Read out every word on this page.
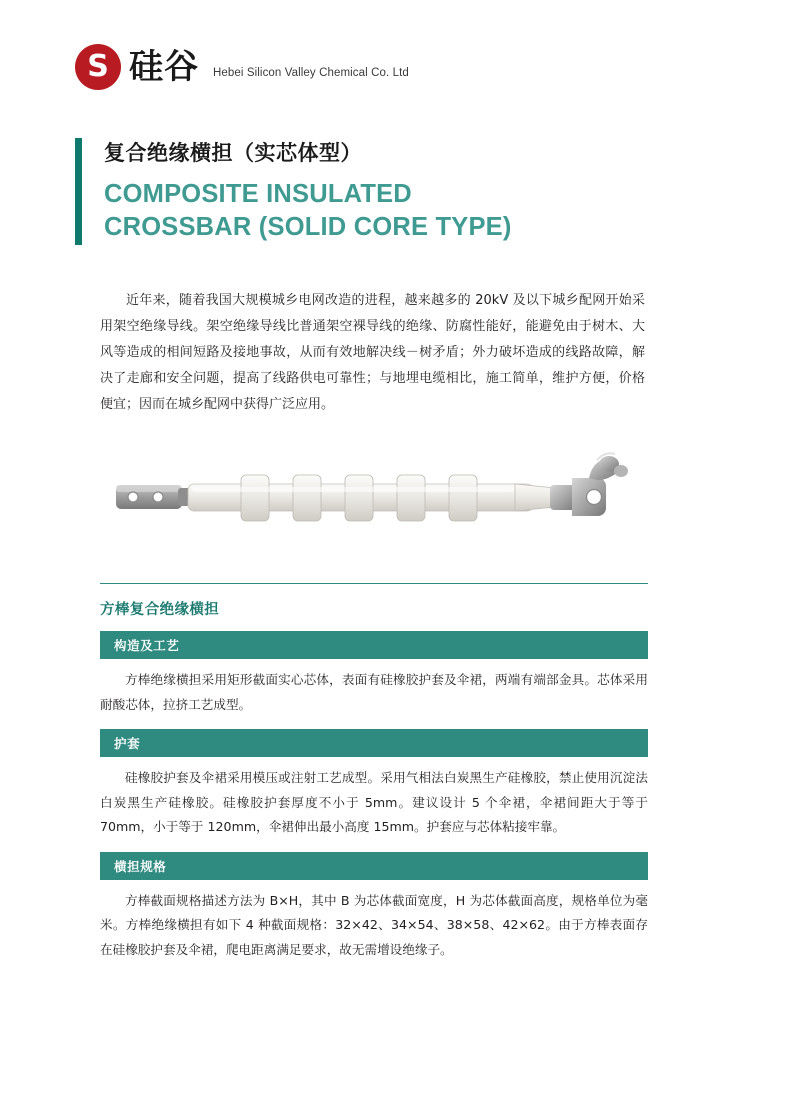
S 硅谷 Hebei Silicon Valley Chemical Co. Ltd
复合绝缘横担（实芯体型）
COMPOSITE INSULATED
CROSSBAR (SOLID CORE TYPE)
近年来，随着我国大规模城乡电网改造的进程，越来越多的 20kV 及以下城乡配网开始采用架空绝缘导线。架空绝缘导线比普通架空裸导线的绝缘、防腐性能好，能避免由于树木、大风等造成的相间短路及接地事故，从而有效地解决线－树矛盾；外力破坏造成的线路故障，解决了走廊和安全问题，提高了线路供电可靠性；与地埋电缆相比，施工简单，维护方便，价格便宜；因而在城乡配网中获得广泛应用。
方棒复合绝缘横担
构造及工艺
方棒绝缘横担采用矩形截面实心芯体，表面有硅橡胶护套及伞裙，两端有端部金具。芯体采用耐酸芯体，拉挤工艺成型。
护套
硅橡胶护套及伞裙采用模压或注射工艺成型。采用气相法白炭黑生产硅橡胶，禁止使用沉淀法白炭黑生产硅橡胶。硅橡胶护套厚度不小于 5mm。建议设计 5 个伞裙，伞裙间距大于等于 70mm，小于等于 120mm，伞裙伸出最小高度 15mm。护套应与芯体粘接牢靠。
横担规格
方棒截面规格描述方法为 B×H，其中 B 为芯体截面宽度，H 为芯体截面高度，规格单位为毫米。方棒绝缘横担有如下 4 种截面规格：32×42、34×54、38×58、42×62。由于方棒表面存在硅橡胶护套及伞裙，爬电距离满足要求，故无需增设绝缘子。
